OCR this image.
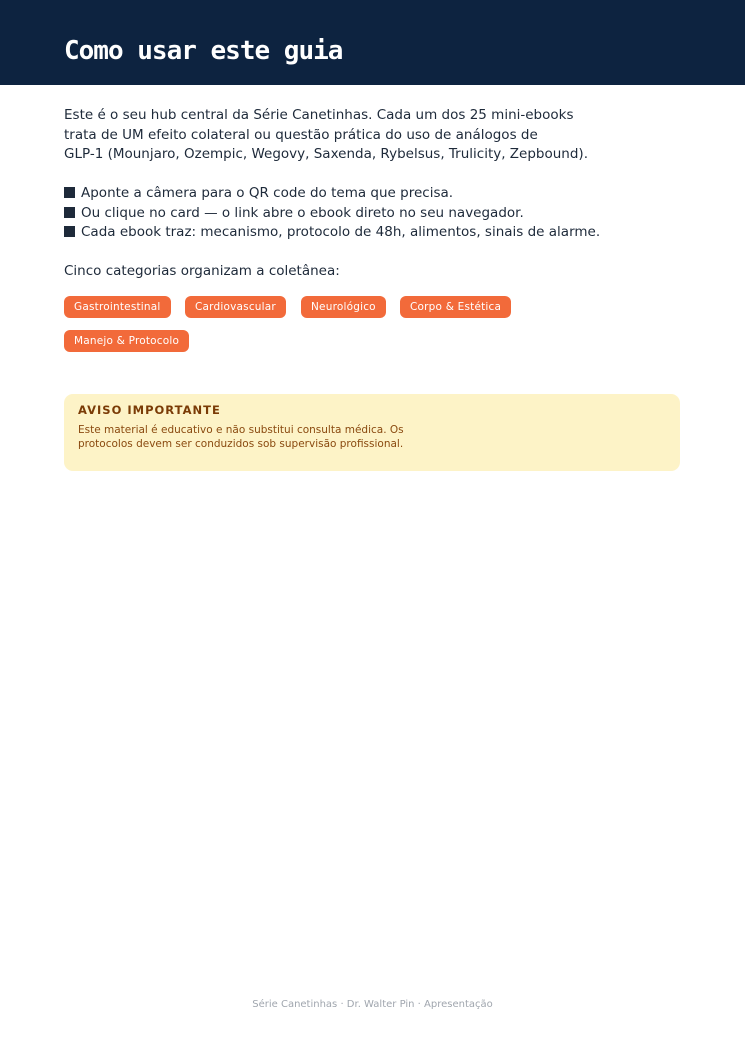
Como usar este guia

Este é o seu hub central da Série Canetinhas. Cada um dos 25 mini-ebooks
trata de UM efeito colateral ou questão prática do uso de análogos de
GLP-1 (Mounjaro, Ozempic, Wegovy, Saxenda, Rybelsus, Trulicity, Zepbound).

Aponte a câmera para o QR code do tema que precisa.
Ou clique no card — o link abre o ebook direto no seu navegador.
Cada ebook traz: mecanismo, protocolo de 48h, alimentos, sinais de alarme.

Cinco categorias organizam a coletânea:

Gastrointestinal	Cardiovascular	Neurológico	Corpo & Estética
Manejo & Protocolo

AVISO IMPORTANTE

Este material é educativo e não substitui consulta médica. Os
protocolos devem ser conduzidos sob supervisão profissional.

Série Canetinhas · Dr. Walter Pin · Apresentação
